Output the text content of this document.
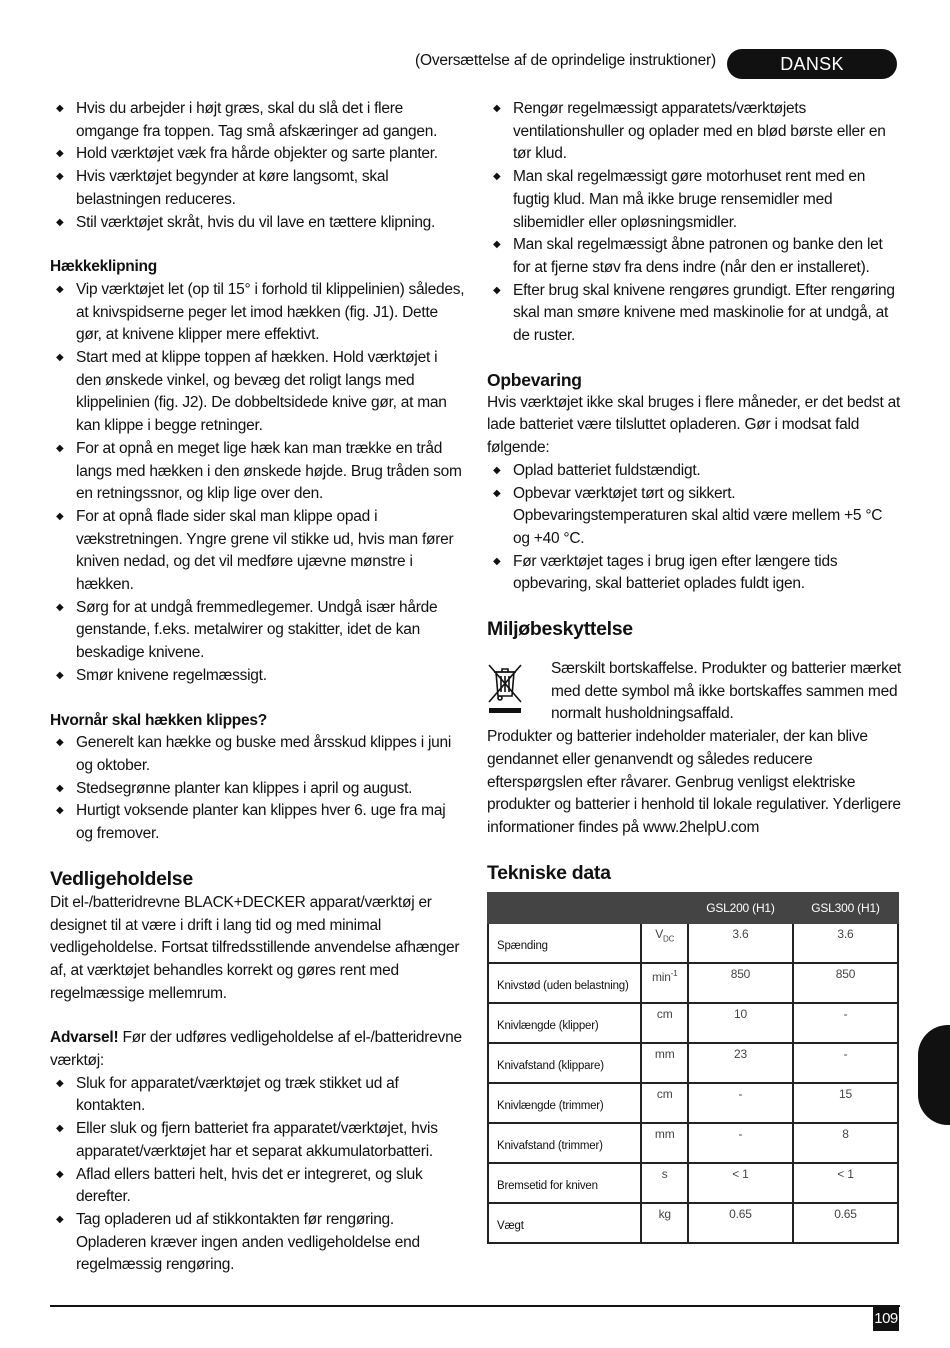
(Oversættelse af de oprindelige instruktioner)	DANSK
◆ Hvis du arbejder i højt græs, skal du slå det i flere omgange fra toppen. Tag små afskæringer ad gangen.
◆ Hold værktøjet væk fra hårde objekter og sarte planter.
◆ Hvis værktøjet begynder at køre langsomt, skal belastningen reduceres.
◆ Stil værktøjet skråt, hvis du vil lave en tættere klipning.

Hækkeklipning

◆ Vip værktøjet let (op til 15° i forhold til klippelinien) således, at knivspidserne peger let imod hækken (fig. J1). Dette gør, at knivene klipper mere effektivt.
◆ Start med at klippe toppen af hækken. Hold værktøjet i den ønskede vinkel, og bevæg det roligt langs med klippelinien (fig. J2). De dobbeltsidede knive gør, at man kan klippe i begge retninger.
◆ For at opnå en meget lige hæk kan man trække en tråd langs med hækken i den ønskede højde. Brug tråden som en retningssnor, og klip lige over den.
◆ For at opnå flade sider skal man klippe opad i vækstretningen. Yngre grene vil stikke ud, hvis man fører kniven nedad, og det vil medføre ujævne mønstre i hækken.
◆ Sørg for at undgå fremmedlegemer. Undgå især hårde genstande, f.eks. metalwirer og stakitter, idet de kan beskadige knivene.
◆ Smør knivene regelmæssigt.

Hvornår skal hækken klippes?

◆ Generelt kan hække og buske med årsskud klippes i juni og oktober.
◆ Stedsegrønne planter kan klippes i april og august.
◆ Hurtigt voksende planter kan klippes hver 6. uge fra maj og fremover.

Vedligeholdelse

Dit el-/batteridrevne BLACK+DECKER apparat/værktøj er designet til at være i drift i lang tid og med minimal vedligeholdelse. Fortsat tilfredsstillende anvendelse afhænger af, at værktøjet behandles korrekt og gøres rent med regelmæssige mellemrum.

Advarsel! Før der udføres vedligeholdelse af el-/batteridrevne værktøj:

◆ Sluk for apparatet/værktøjet og træk stikket ud af kontakten.
◆ Eller sluk og fjern batteriet fra apparatet/værktøjet, hvis apparatet/værktøjet har et separat akkumulatorbatteri.
◆ Aflad ellers batteri helt, hvis det er integreret, og sluk derefter.
◆ Tag opladeren ud af stikkontakten før rengøring. Opladeren kræver ingen anden vedligeholdelse end regelmæssig rengøring.
◆ Rengør regelmæssigt apparatets/værktøjets ventilationshuller og oplader med en blød børste eller en tør klud.
◆ Man skal regelmæssigt gøre motorhuset rent med en fugtig klud. Man må ikke bruge rensemidler med slibemidler eller opløsningsmidler.
◆ Man skal regelmæssigt åbne patronen og banke den let for at fjerne støv fra dens indre (når den er installeret).
◆ Efter brug skal knivene rengøres grundigt. Efter rengøring skal man smøre knivene med maskinolie for at undgå, at de ruster.

Opbevaring

Hvis værktøjet ikke skal bruges i flere måneder, er det bedst at lade batteriet være tilsluttet opladeren. Gør i modsat fald følgende:

◆ Oplad batteriet fuldstændigt.
◆ Opbevar værktøjet tørt og sikkert. Opbevaringstemperaturen skal altid være mellem +5 °C og +40 °C.
◆ Før værktøjet tages i brug igen efter længere tids opbevaring, skal batteriet oplades fuldt igen.

Miljøbeskyttelse

Særskilt bortskaffelse. Produkter og batterier mærket med dette symbol må ikke bortskaffes sammen med normalt husholdningsaffald.

Produkter og batterier indeholder materialer, der kan blive gendannet eller genanvendt og således reducere efterspørgslen efter råvarer. Genbrug venligst elektriske produkter og batterier i henhold til lokale regulativer. Yderligere informationer findes på www.2helpU.com

Tekniske data

		GSL200 (H1)	GSL300 (H1)
Spænding	$V_{DC}$	3.6	3.6
Knivstød (uden belastning)	$\min^{-1}$	850	850
Knivlængde (klipper)	cm	10	-
Knivafstand (klippare)	mm	23	-
Knivlængde (trimmer)	cm	-	15
Knivafstand (trimmer)	mm	-	8
Bremsetid for kniven	s	< 1	< 1
Vægt	kg	0.65	0.65
109
